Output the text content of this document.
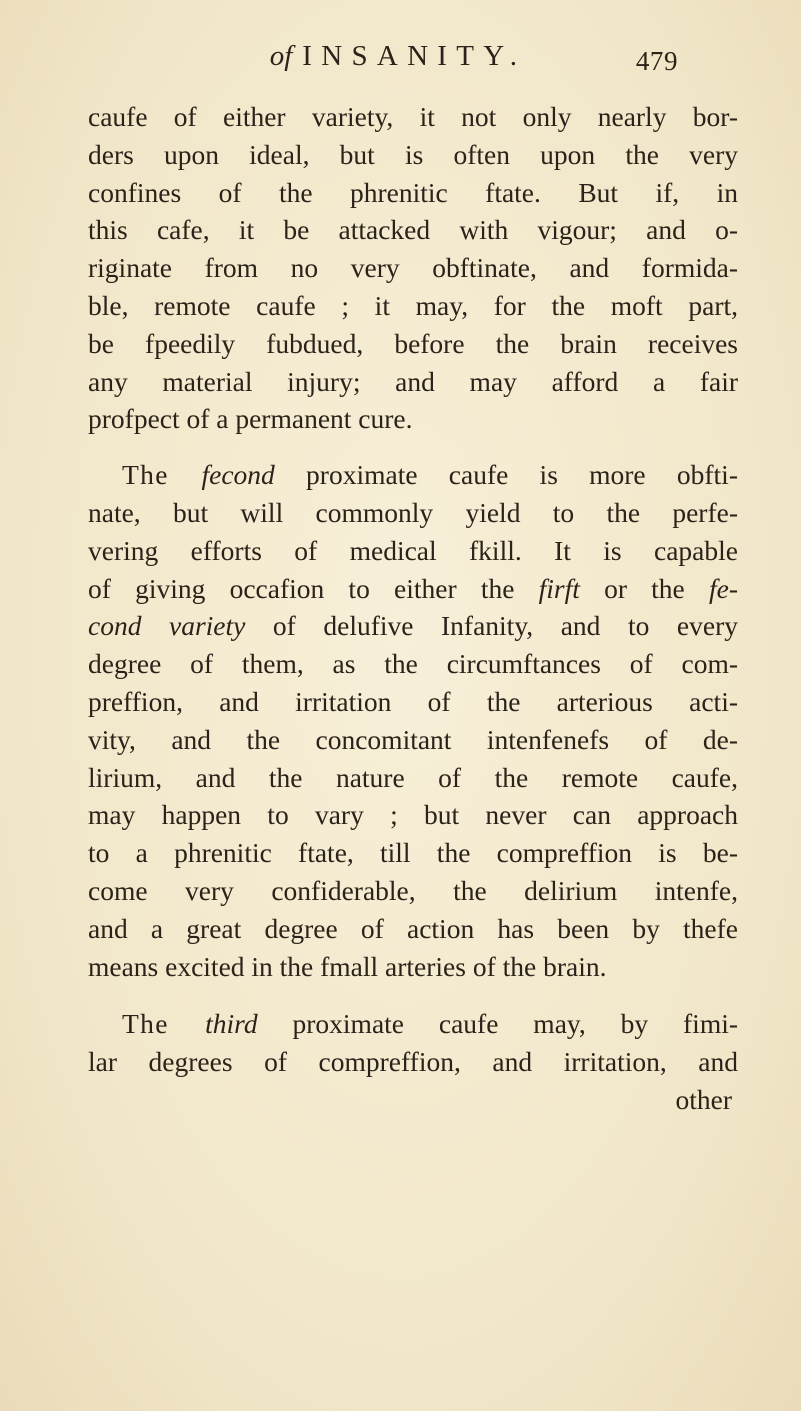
of INSANITY.	479
caufe of either variety, it not only nearly bor-
ders upon ideal, but is often upon the very
confines of the phrenitic ftate. But if, in
this cafe, it be attacked with vigour; and o-
riginate from no very obftinate, and formida-
ble, remote caufe ; it may, for the moft part,
be fpeedily fubdued, before the brain receives
any material injury; and may afford a fair
profpect of a permanent cure.
The fecond proximate caufe is more obfti-
nate, but will commonly yield to the perfe-
vering efforts of medical fkill. It is capable
of giving occafion to either the firft or the fe-
cond variety of delufive Infanity, and to every
degree of them, as the circumftances of com-
preffion, and irritation of the arterious acti-
vity, and the concomitant intenfenefs of de-
lirium, and the nature of the remote caufe,
may happen to vary ; but never can approach
to a phrenitic ftate, till the compreffion is be-
come very confiderable, the delirium intenfe,
and a great degree of action has been by thefe
means excited in the fmall arteries of the brain.
The third proximate caufe may, by fimi-
lar degrees of compreffion, and irritation, and
other
